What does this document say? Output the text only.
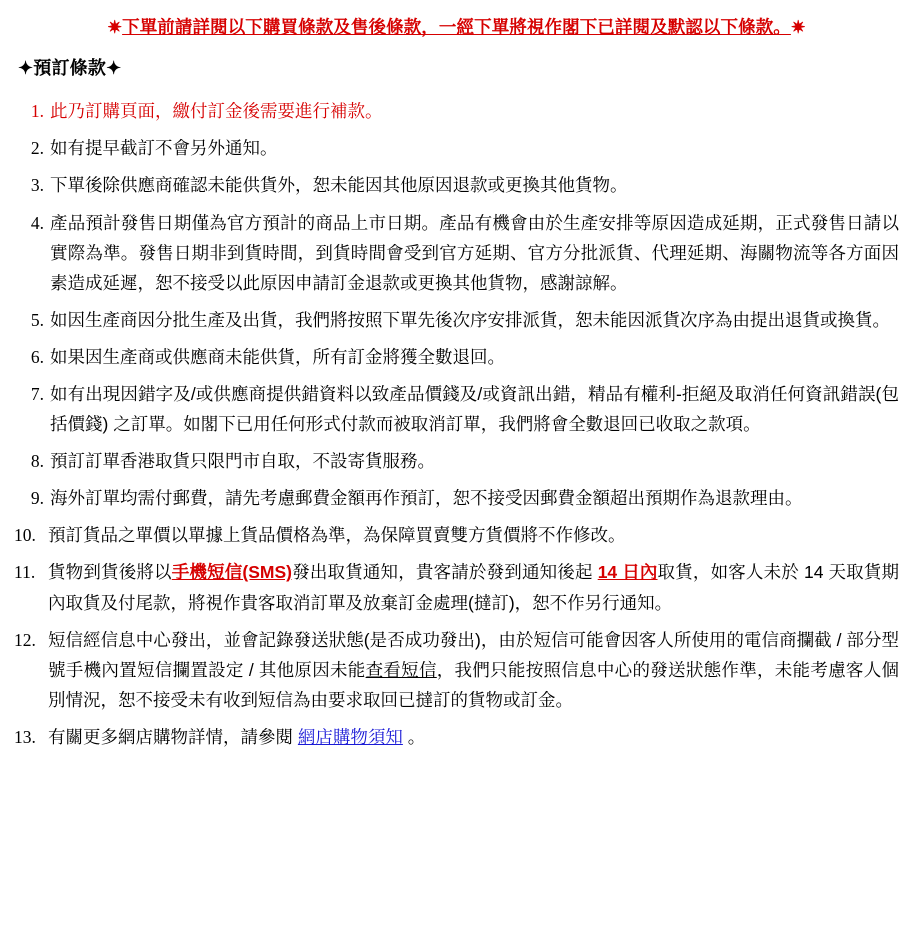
✷下單前請詳閱以下購買條款及售後條款，一經下單將視作閣下已詳閱及默認以下條款。✷
✦預訂條款✦
1. 此乃訂購頁面，繳付訂金後需要進行補款。
2. 如有提早截訂不會另外通知。
3. 下單後除供應商確認未能供貨外，恕未能因其他原因退款或更換其他貨物。
4. 產品預計發售日期僅為官方預計的商品上市日期。產品有機會由於生產安排等原因造成延期，正式發售日請以實際為準。發售日期非到貨時間，到貨時間會受到官方延期、官方分批派貨、代理延期、海關物流等各方面因素造成延遲，恕不接受以此原因申請訂金退款或更換其他貨物，感謝諒解。
5. 如因生產商因分批生產及出貨，我們將按照下單先後次序安排派貨，恕未能因派貨次序為由提出退貨或換貨。
6. 如果因生產商或供應商未能供貨，所有訂金將獲全數退回。
7. 如有出現因錯字及/或供應商提供錯資料以致產品價錢及/或資訊出錯，精品有權利-拒絕及取消任何資訊錯誤(包括價錢) 之訂單。如閣下已用任何形式付款而被取消訂單，我們將會全數退回已收取之款項。
8. 預訂訂單香港取貨只限門市自取，不設寄貨服務。
9. 海外訂單均需付郵費，請先考慮郵費金額再作預訂，恕不接受因郵費金額超出預期作為退款理由。
10. 預訂貨品之單價以單據上貨品價格為準，為保障買賣雙方貨價將不作修改。
11. 貨物到貨後將以手機短信(SMS)發出取貨通知，貴客請於發到通知後起 14 日內取貨，如客人未於 14 天取貨期內取貨及付尾款，將視作貴客取消訂單及放棄訂金處理(撻訂)，恕不作另行通知。
12. 短信經信息中心發出，並會記錄發送狀態(是否成功發出)，由於短信可能會因客人所使用的電信商攔截 / 部分型號手機內置短信攔置設定 / 其他原因未能查看短信，我們只能按照信息中心的發送狀態作準，未能考慮客人個別情況，恕不接受未有收到短信為由要求取回已撻訂的貨物或訂金。
13. 有關更多網店購物詳情，請參閱 網店購物須知 。
